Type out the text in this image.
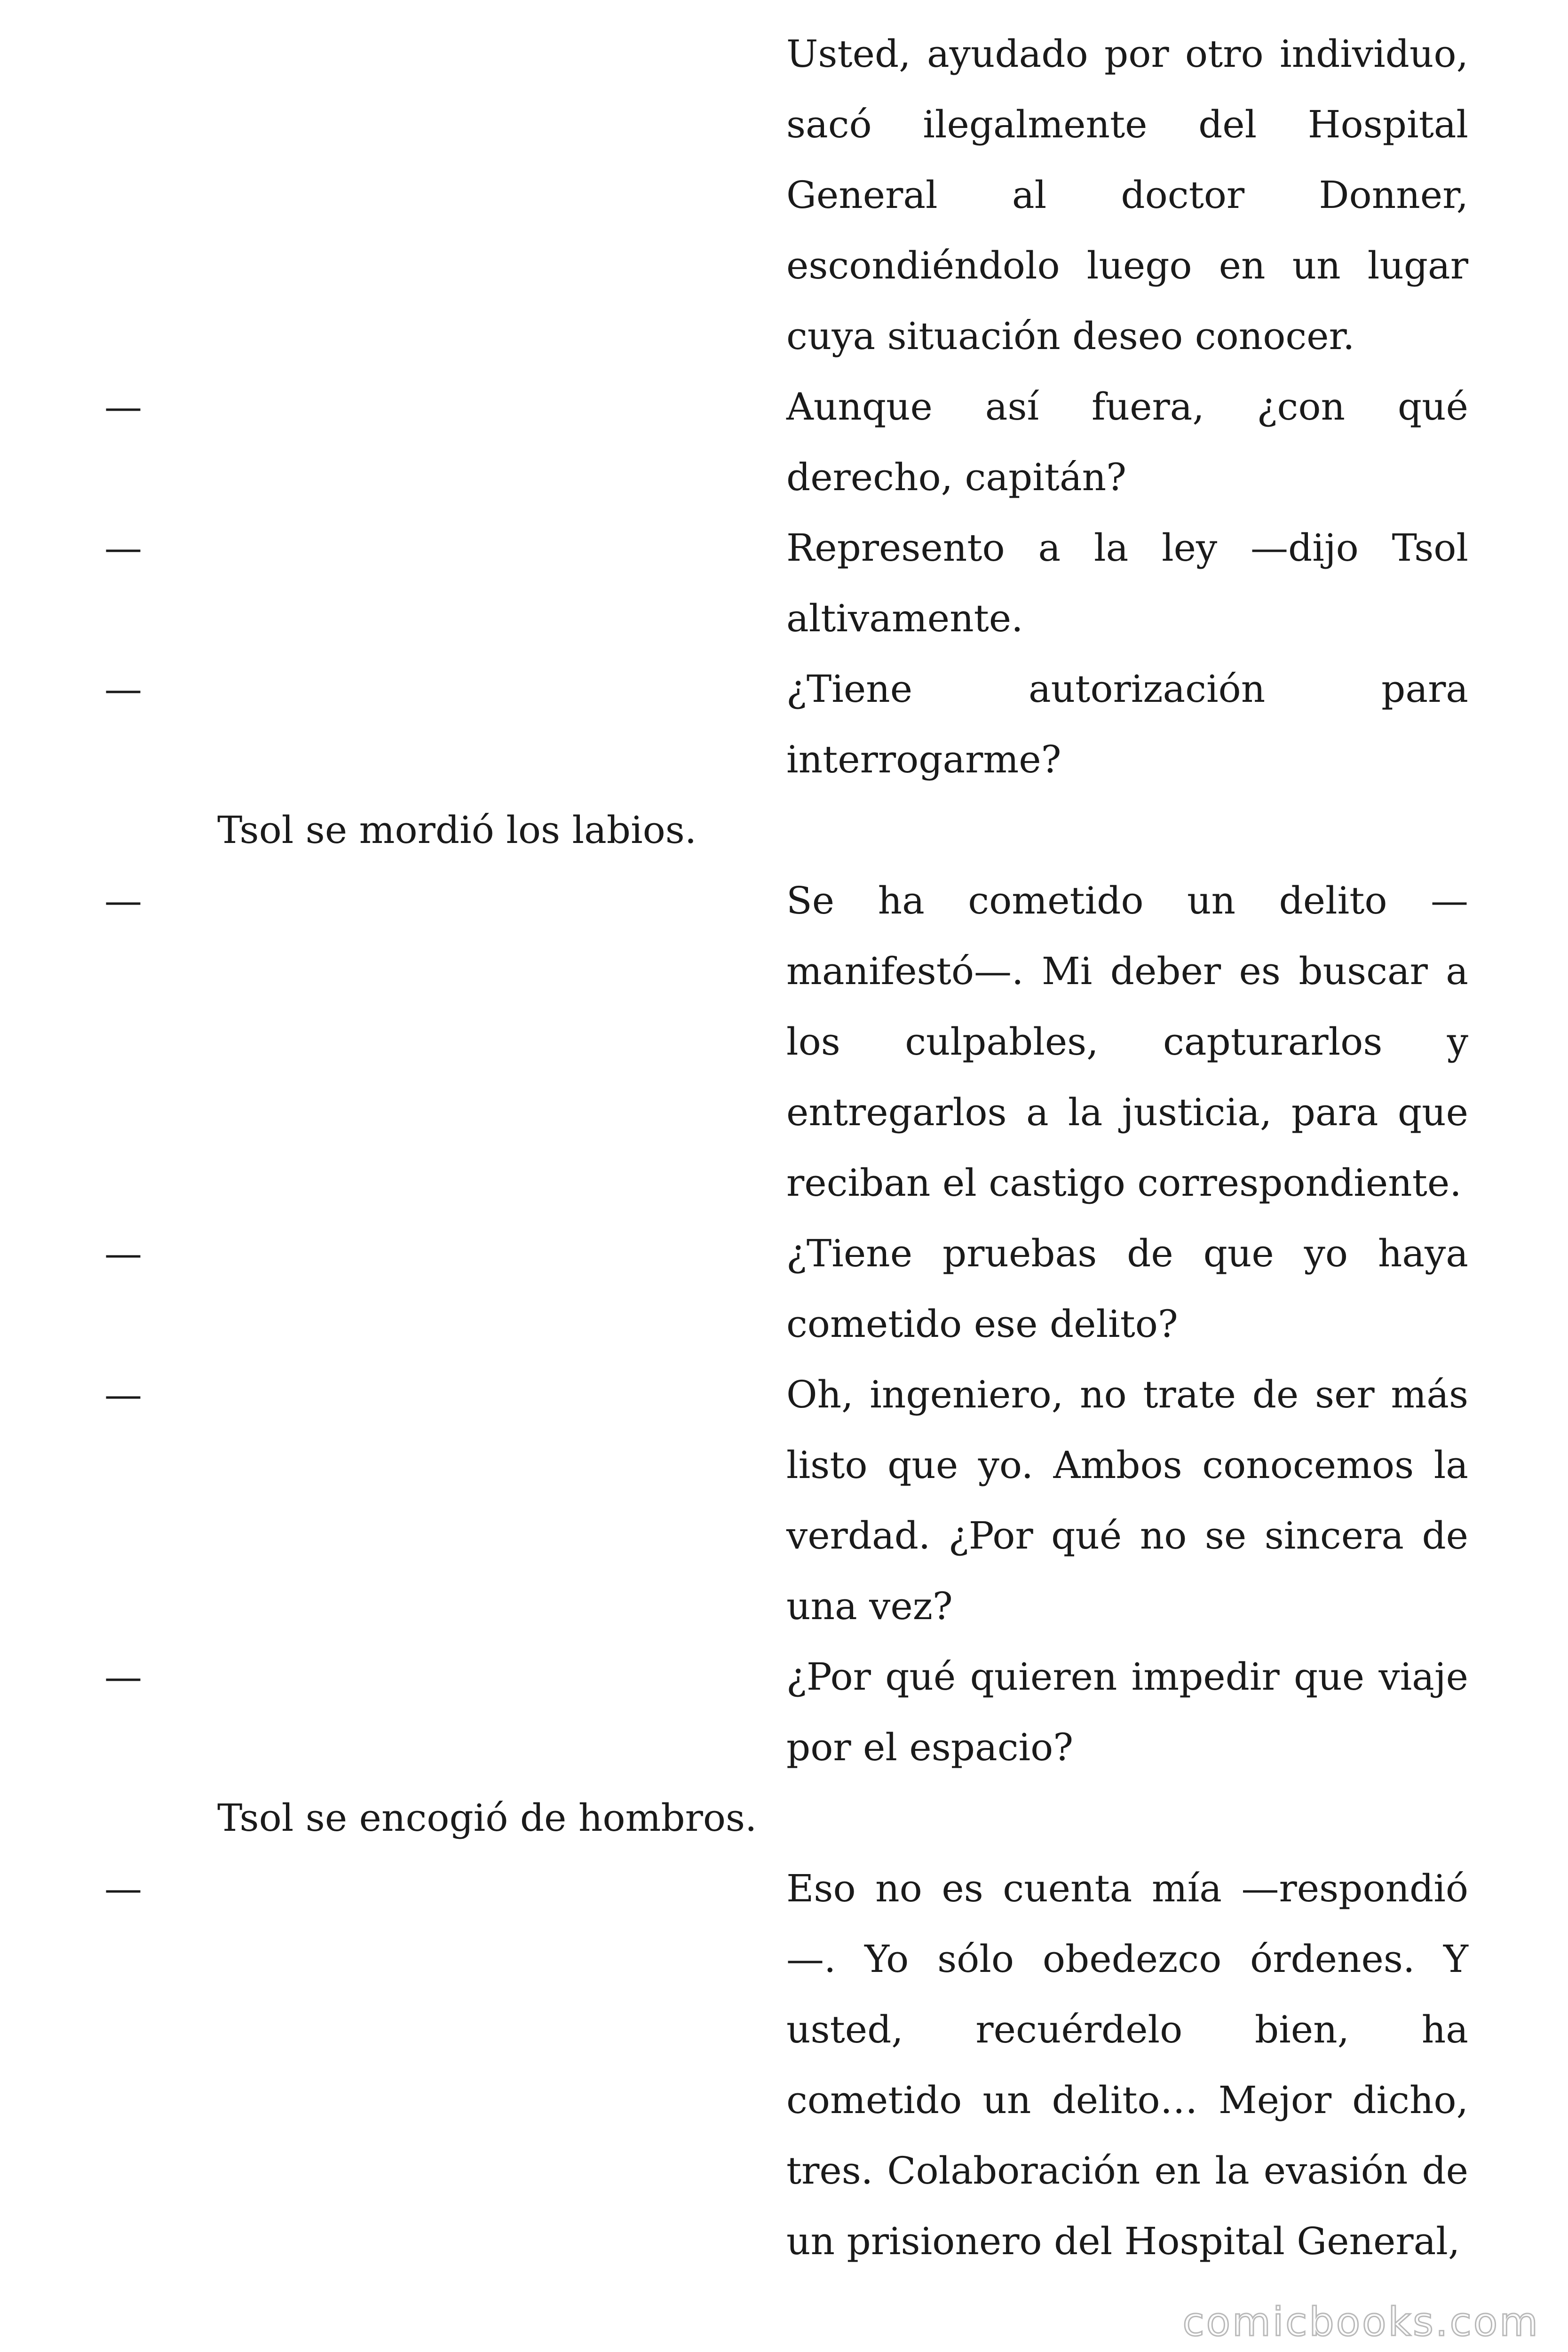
Usted, ayudado por otro individuo, sacó ilegalmente del Hospital General al doctor Donner, escondiéndolo luego en un lugar cuya situación deseo conocer.
—	Aunque así fuera, ¿con qué derecho, capitán?
—	Represento a la ley —dijo Tsol altivamente.
—	¿Tiene autorización para interrogarme?
Tsol se mordió los labios.
—	Se ha cometido un delito —manifestó—. Mi deber es buscar a los culpables, capturarlos y entregarlos a la justicia, para que reciban el castigo correspondiente.
—	¿Tiene pruebas de que yo haya cometido ese delito?
—	Oh, ingeniero, no trate de ser más listo que yo. Ambos conocemos la verdad. ¿Por qué no se sincera de una vez?
—	¿Por qué quieren impedir que viaje por el espacio?
Tsol se encogió de hombros.
—	Eso no es cuenta mía —respondió—. Yo sólo obedezco órdenes. Y usted, recuérdelo bien, ha cometido un delito… Mejor dicho, tres. Colaboración en la evasión de un prisionero del Hospital General,
comicbooks.com
